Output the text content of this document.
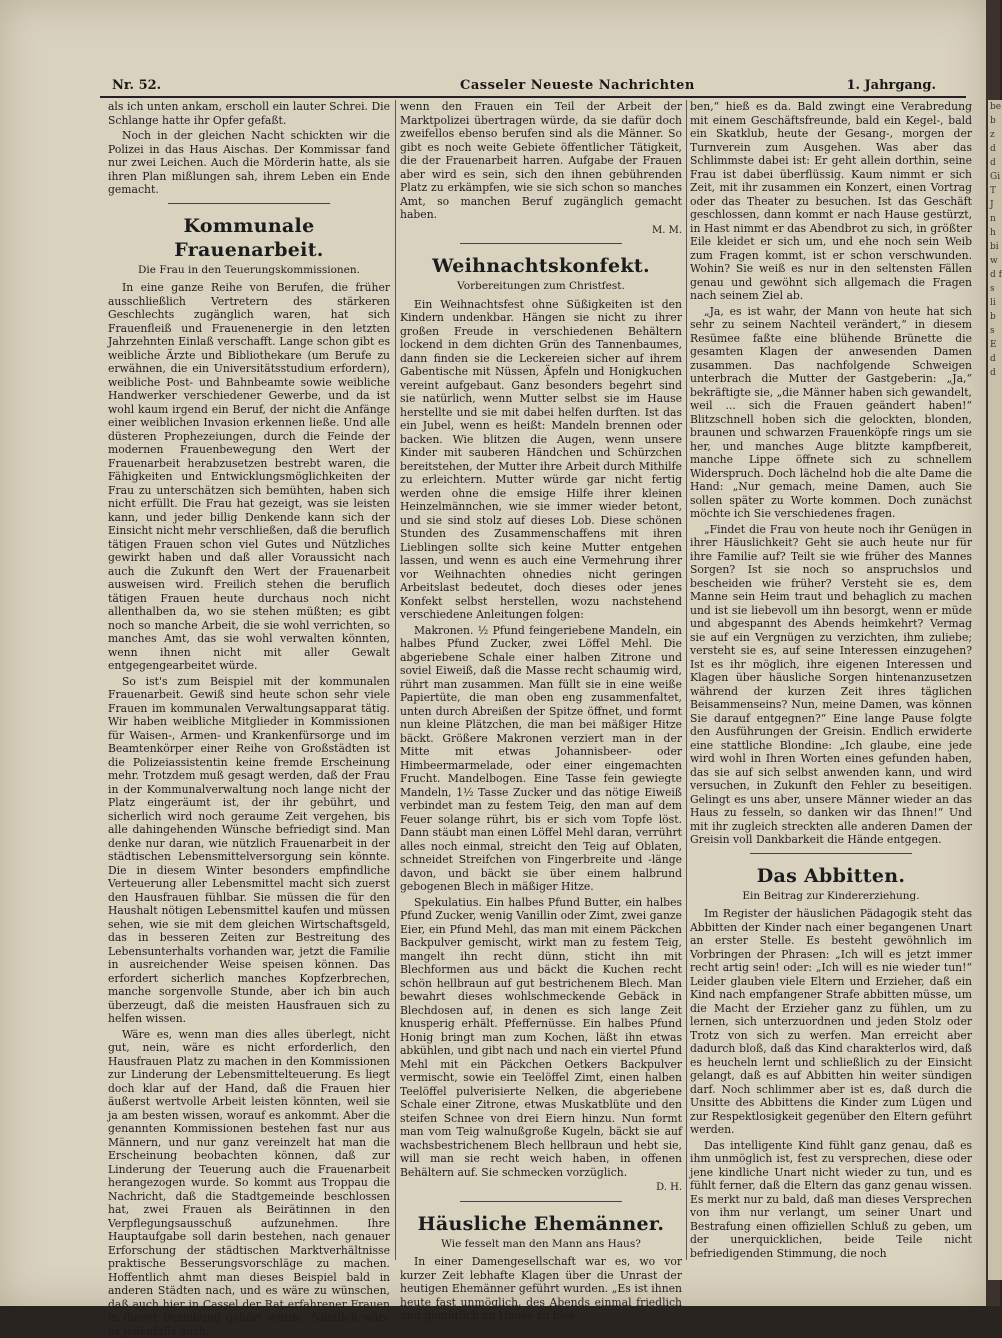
Nr. 52.	Casseler Neueste Nachrichten	1. Jahrgang.

als ich unten ankam, erscholl ein lauter Schrei. Die Schlange hatte ihr Opfer gefaßt.

Noch in der gleichen Nacht schickten wir die Polizei in das Haus Aischas. Der Kommissar fand nur zwei Leichen. Auch die Mörderin hatte, als sie ihren Plan mißlungen sah, ihrem Leben ein Ende gemacht.

Kommunale Frauenarbeit.
Die Frau in den Teuerungskommissionen.

In eine ganze Reihe von Berufen, die früher ausschließlich Vertretern des stärkeren Geschlechts zugänglich waren, hat sich Frauenfleiß und Frauenenergie in den letzten Jahrzehnten Einlaß verschafft. Lange schon gibt es weibliche Ärzte und Bibliothekare (um Berufe zu erwähnen, die ein Universitätsstudium erfordern), weibliche Post- und Bahnbeamte sowie weibliche Handwerker verschiedener Gewerbe, und da ist wohl kaum irgend ein Beruf, der nicht die Anfänge einer weiblichen Invasion erkennen ließe. Und alle düsteren Prophezeiungen, durch die Feinde der modernen Frauenbewegung den Wert der Frauenarbeit herabzusetzen bestrebt waren, die Fähigkeiten und Entwicklungsmöglichkeiten der Frau zu unterschätzen sich bemühten, haben sich nicht erfüllt. Die Frau hat gezeigt, was sie leisten kann, und jeder billig Denkende kann sich der Einsicht nicht mehr verschließen, daß die beruflich tätigen Frauen schon viel Gutes und Nützliches gewirkt haben und daß aller Voraussicht nach auch die Zukunft den Wert der Frauenarbeit ausweisen wird. Freilich stehen die beruflich tätigen Frauen heute durchaus noch nicht allenthalben da, wo sie stehen müßten; es gibt noch so manche Arbeit, die sie wohl verrichten, so manches Amt, das sie wohl verwalten könnten, wenn ihnen nicht mit aller Gewalt entgegengearbeitet würde.

So ist's zum Beispiel mit der kommunalen Frauenarbeit. Gewiß sind heute schon sehr viele Frauen im kommunalen Verwaltungsapparat tätig. Wir haben weibliche Mitglieder in Kommissionen für Waisen-, Armen- und Krankenfürsorge und im Beamtenkörper einer Reihe von Großstädten ist die Polizeiassistentin keine fremde Erscheinung mehr. Trotzdem muß gesagt werden, daß der Frau in der Kommunalverwaltung noch lange nicht der Platz eingeräumt ist, der ihr gebührt, und sicherlich wird noch geraume Zeit vergehen, bis alle dahingehenden Wünsche befriedigt sind. Man denke nur daran, wie nützlich Frauenarbeit in der städtischen Lebensmittelversorgung sein könnte. Die in diesem Winter besonders empfindliche Verteuerung aller Lebensmittel macht sich zuerst den Hausfrauen fühlbar. Sie müssen die für den Haushalt nötigen Lebensmittel kaufen und müssen sehen, wie sie mit dem gleichen Wirtschaftsgeld, das in besseren Zeiten zur Bestreitung des Lebensunterhalts vorhanden war, jetzt die Familie in ausreichender Weise speisen können. Das erfordert sicherlich manches Kopfzerbrechen, manche sorgenvolle Stunde, aber ich bin auch überzeugt, daß die meisten Hausfrauen sich zu helfen wissen.

Wäre es, wenn man dies alles überlegt, nicht gut, nein, wäre es nicht erforderlich, den Hausfrauen Platz zu machen in den Kommissionen zur Linderung der Lebensmittelteuerung. Es liegt doch klar auf der Hand, daß die Frauen hier äußerst wertvolle Arbeit leisten könnten, weil sie ja am besten wissen, worauf es ankommt. Aber die genannten Kommissionen bestehen fast nur aus Männern, und nur ganz vereinzelt hat man die Erscheinung beobachten können, daß zur Linderung der Teuerung auch die Frauenarbeit herangezogen wurde. So kommt aus Troppau die Nachricht, daß die Stadtgemeinde beschlossen hat, zwei Frauen als Beirätinnen in den Verpflegungsausschuß aufzunehmen. Ihre Hauptaufgabe soll darin bestehen, nach genauer Erforschung der städtischen Marktverhältnisse praktische Besserungsvorschläge zu machen. Hoffentlich ahmt man dieses Beispiel bald in anderen Städten nach, und es wäre zu wünschen, daß auch hier in Cassel der Rat erfahrener Frauen in dieser Beziehung gehört würde. Nützlich wäre es jedenfalls auch.

wenn den Frauen ein Teil der Arbeit der Marktpolizei übertragen würde, da sie dafür doch zweifellos ebenso berufen sind als die Männer. So gibt es noch weite Gebiete öffentlicher Tätigkeit, die der Frauenarbeit harren. Aufgabe der Frauen aber wird es sein, sich den ihnen gebührenden Platz zu erkämpfen, wie sie sich schon so manches Amt, so manchen Beruf zugänglich gemacht haben.

M. M.
Weihnachtskonfekt.
Vorbereitungen zum Christfest.

Ein Weihnachtsfest ohne Süßigkeiten ist den Kindern undenkbar. Hängen sie nicht zu ihrer großen Freude in verschiedenen Behältern lockend in dem dichten Grün des Tannenbaumes, dann finden sie die Leckereien sicher auf ihrem Gabentische mit Nüssen, Äpfeln und Honigkuchen vereint aufgebaut. Ganz besonders begehrt sind sie natürlich, wenn Mutter selbst sie im Hause herstellte und sie mit dabei helfen durften. Ist das ein Jubel, wenn es heißt: Mandeln brennen oder backen. Wie blitzen die Augen, wenn unsere Kinder mit sauberen Händchen und Schürzchen bereitstehen, der Mutter ihre Arbeit durch Mithilfe zu erleichtern. Mutter würde gar nicht fertig werden ohne die emsige Hilfe ihrer kleinen Heinzelmännchen, wie sie immer wieder betont, und sie sind stolz auf dieses Lob. Diese schönen Stunden des Zusammenschaffens mit ihren Lieblingen sollte sich keine Mutter entgehen lassen, und wenn es auch eine Vermehrung ihrer vor Weihnachten ohnedies nicht geringen Arbeitslast bedeutet, doch dieses oder jenes Konfekt selbst herstellen, wozu nachstehend verschiedene Anleitungen folgen:

Makronen. ½ Pfund feingeriebene Mandeln, ein halbes Pfund Zucker, zwei Löffel Mehl. Die abgeriebene Schale einer halben Zitrone und soviel Eiweiß, daß die Masse recht schaumig wird, rührt man zusammen. Man füllt sie in eine weiße Papiertüte, die man oben eng zusammenfaltet, unten durch Abreißen der Spitze öffnet, und formt nun kleine Plätzchen, die man bei mäßiger Hitze bäckt. Größere Makronen verziert man in der Mitte mit etwas Johannisbeer- oder Himbeermarmelade, oder einer eingemachten Frucht. Mandelbogen. Eine Tasse fein gewiegte Mandeln, 1½ Tasse Zucker und das nötige Eiweiß verbindet man zu festem Teig, den man auf dem Feuer solange rührt, bis er sich vom Topfe löst. Dann stäubt man einen Löffel Mehl daran, verrührt alles noch einmal, streicht den Teig auf Oblaten, schneidet Streifchen von Fingerbreite und -länge davon, und bäckt sie über einem halbrund gebogenen Blech in mäßiger Hitze.

Spekulatius. Ein halbes Pfund Butter, ein halbes Pfund Zucker, wenig Vanillin oder Zimt, zwei ganze Eier, ein Pfund Mehl, das man mit einem Päckchen Backpulver gemischt, wirkt man zu festem Teig, mangelt ihn recht dünn, sticht ihn mit Blechformen aus und bäckt die Kuchen recht schön hellbraun auf gut bestrichenem Blech. Man bewahrt dieses wohlschmeckende Gebäck in Blechdosen auf, in denen es sich lange Zeit knusperig erhält. Pfeffernüsse. Ein halbes Pfund Honig bringt man zum Kochen, läßt ihn etwas abkühlen, und gibt nach und nach ein viertel Pfund Mehl mit ein Päckchen Oetkers Backpulver vermischt, sowie ein Teelöffel Zimt, einen halben Teelöffel pulverisierte Nelken, die abgeriebene Schale einer Zitrone, etwas Muskatblüte und den steifen Schnee von drei Eiern hinzu. Nun formt man vom Teig walnußgroße Kugeln, bäckt sie auf wachsbestrichenem Blech hellbraun und hebt sie, will man sie recht weich haben, in offenen Behältern auf. Sie schmecken vorzüglich.

D. H.
Häusliche Ehemänner.
Wie fesselt man den Mann ans Haus?

In einer Damengesellschaft war es, wo vor kurzer Zeit lebhafte Klagen über die Unrast der heutigen Ehemänner geführt wurden. „Es ist ihnen heute fast unmöglich, des Abends einmal friedlich und gemütlich zu Hause zu blei-

ben,“ hieß es da. Bald zwingt eine Verabredung mit einem Geschäftsfreunde, bald ein Kegel-, bald ein Skatklub, heute der Gesang-, morgen der Turnverein zum Ausgehen. Was aber das Schlimmste dabei ist: Er geht allein dorthin, seine Frau ist dabei überflüssig. Kaum nimmt er sich Zeit, mit ihr zusammen ein Konzert, einen Vortrag oder das Theater zu besuchen. Ist das Geschäft geschlossen, dann kommt er nach Hause gestürzt, in Hast nimmt er das Abendbrot zu sich, in größter Eile kleidet er sich um, und ehe noch sein Weib zum Fragen kommt, ist er schon verschwunden. Wohin? Sie weiß es nur in den seltensten Fällen genau und gewöhnt sich allgemach die Fragen nach seinem Ziel ab.

„Ja, es ist wahr, der Mann von heute hat sich sehr zu seinem Nachteil verändert,“ in diesem Resümee faßte eine blühende Brünette die gesamten Klagen der anwesenden Damen zusammen. Das nachfolgende Schweigen unterbrach die Mutter der Gastgeberin: „Ja,“ bekräftigte sie, „die Männer haben sich gewandelt, weil ... sich die Frauen geändert haben!“ Blitzschnell hoben sich die gelockten, blonden, braunen und schwarzen Frauenköpfe rings um sie her, und manches Auge blitzte kampfbereit, manche Lippe öffnete sich zu schnellem Widerspruch. Doch lächelnd hob die alte Dame die Hand: „Nur gemach, meine Damen, auch Sie sollen später zu Worte kommen. Doch zunächst möchte ich Sie verschiedenes fragen.

„Findet die Frau von heute noch ihr Genügen in ihrer Häuslichkeit? Geht sie auch heute nur für ihre Familie auf? Teilt sie wie früher des Mannes Sorgen? Ist sie noch so anspruchslos und bescheiden wie früher? Versteht sie es, dem Manne sein Heim traut und behaglich zu machen und ist sie liebevoll um ihn besorgt, wenn er müde und abgespannt des Abends heimkehrt? Vermag sie auf ein Vergnügen zu verzichten, ihm zuliebe; versteht sie es, auf seine Interessen einzugehen? Ist es ihr möglich, ihre eigenen Interessen und Klagen über häusliche Sorgen hintenanzusetzen während der kurzen Zeit ihres täglichen Beisammenseins? Nun, meine Damen, was können Sie darauf entgegnen?“ Eine lange Pause folgte den Ausführungen der Greisin. Endlich erwiderte eine stattliche Blondine: „Ich glaube, eine jede wird wohl in Ihren Worten eines gefunden haben, das sie auf sich selbst anwenden kann, und wird versuchen, in Zukunft den Fehler zu beseitigen. Gelingt es uns aber, unsere Männer wieder an das Haus zu fesseln, so danken wir das Ihnen!“ Und mit ihr zugleich streckten alle anderen Damen der Greisin voll Dankbarkeit die Hände entgegen.

Das Abbitten.
Ein Beitrag zur Kindererziehung.

Im Register der häuslichen Pädagogik steht das Abbitten der Kinder nach einer begangenen Unart an erster Stelle. Es besteht gewöhnlich im Vorbringen der Phrasen: „Ich will es jetzt immer recht artig sein! oder: „Ich will es nie wieder tun!“ Leider glauben viele Eltern und Erzieher, daß ein Kind nach empfangener Strafe abbitten müsse, um die Macht der Erzieher ganz zu fühlen, um zu lernen, sich unterzuordnen und jeden Stolz oder Trotz von sich zu werfen. Man erreicht aber dadurch bloß, daß das Kind charakterlos wird, daß es heucheln lernt und schließlich zu der Einsicht gelangt, daß es auf Abbitten hin weiter sündigen darf. Noch schlimmer aber ist es, daß durch die Unsitte des Abbittens die Kinder zum Lügen und zur Respektlosigkeit gegenüber den Eltern geführt werden.

Das intelligente Kind fühlt ganz genau, daß es ihm unmöglich ist, fest zu versprechen, diese oder jene kindliche Unart nicht wieder zu tun, und es fühlt ferner, daß die Eltern das ganz genau wissen. Es merkt nur zu bald, daß man dieses Versprechen von ihm nur verlangt, um seiner Unart und Bestrafung einen offiziellen Schluß zu geben, um der unerquicklichen, beide Teile nicht befriedigenden Stimmung, die noch

be b z d d Gi T J n h bi w d f s li b s E d d
